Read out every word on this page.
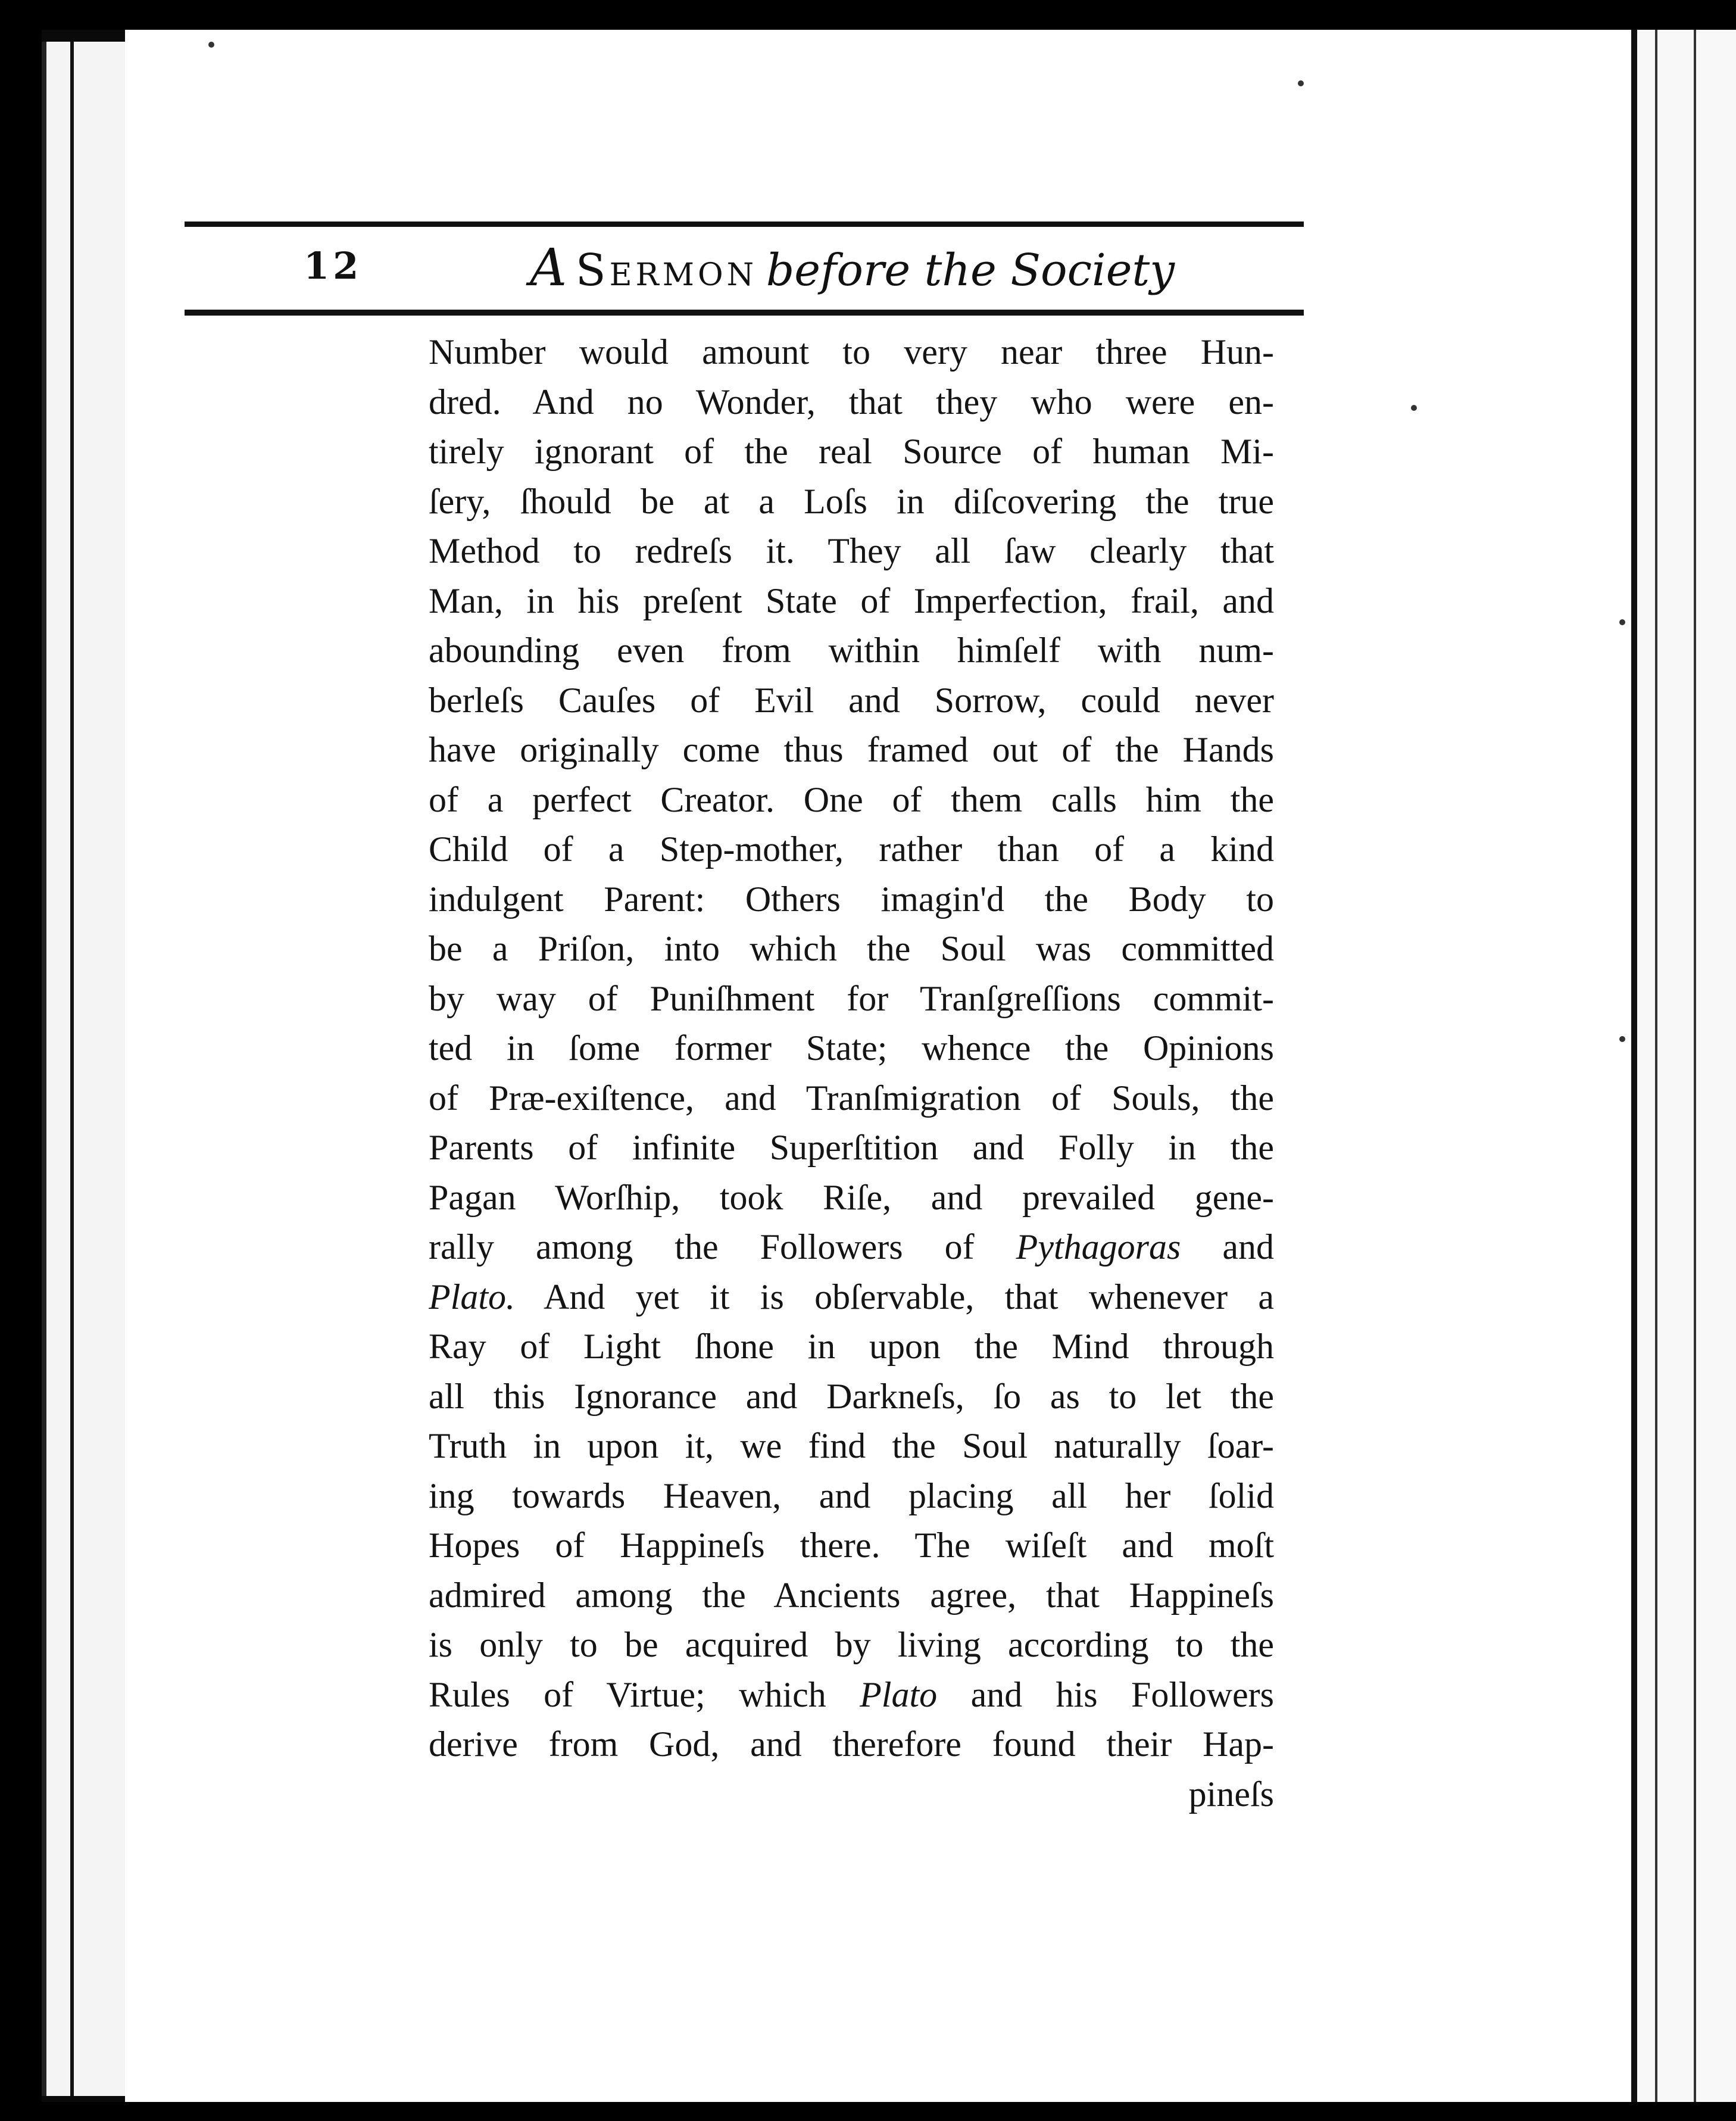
12	A  Sermon  before the Society
Number would amount to very near three Hun-
dred. And no Wonder, that they who were en-
tirely ignorant of the real Source of human Mi-
ſery, ſhould be at a Loſs in diſcovering the true
Method to redreſs it. They all ſaw clearly that
Man, in his preſent State of Imperfection, frail, and
abounding even from within himſelf with num-
berleſs Cauſes of Evil and Sorrow, could never
have originally come thus framed out of the Hands
of a perfect Creator. One of them calls him the
Child of a Step-mother, rather than of a kind
indulgent Parent: Others imagin'd the Body to
be a Priſon, into which the Soul was committed
by way of Puniſhment for Tranſgreſſions commit-
ted in ſome former State; whence the Opinions
of Præ-exiſtence, and Tranſmigration of Souls, the
Parents of infinite Superſtition and Folly in the
Pagan Worſhip, took Riſe, and prevailed gene-
rally among the Followers of Pythagoras and
Plato. And yet it is obſervable, that whenever a
Ray of Light ſhone in upon the Mind through
all this Ignorance and Darkneſs, ſo as to let the
Truth in upon it, we find the Soul naturally ſoar-
ing towards Heaven, and placing all her ſolid
Hopes of Happineſs there. The wiſeſt and moſt
admired among the Ancients agree, that Happineſs
is only to be acquired by living according to the
Rules of Virtue; which Plato and his Followers
derive from God, and therefore found their Hap-
pineſs
